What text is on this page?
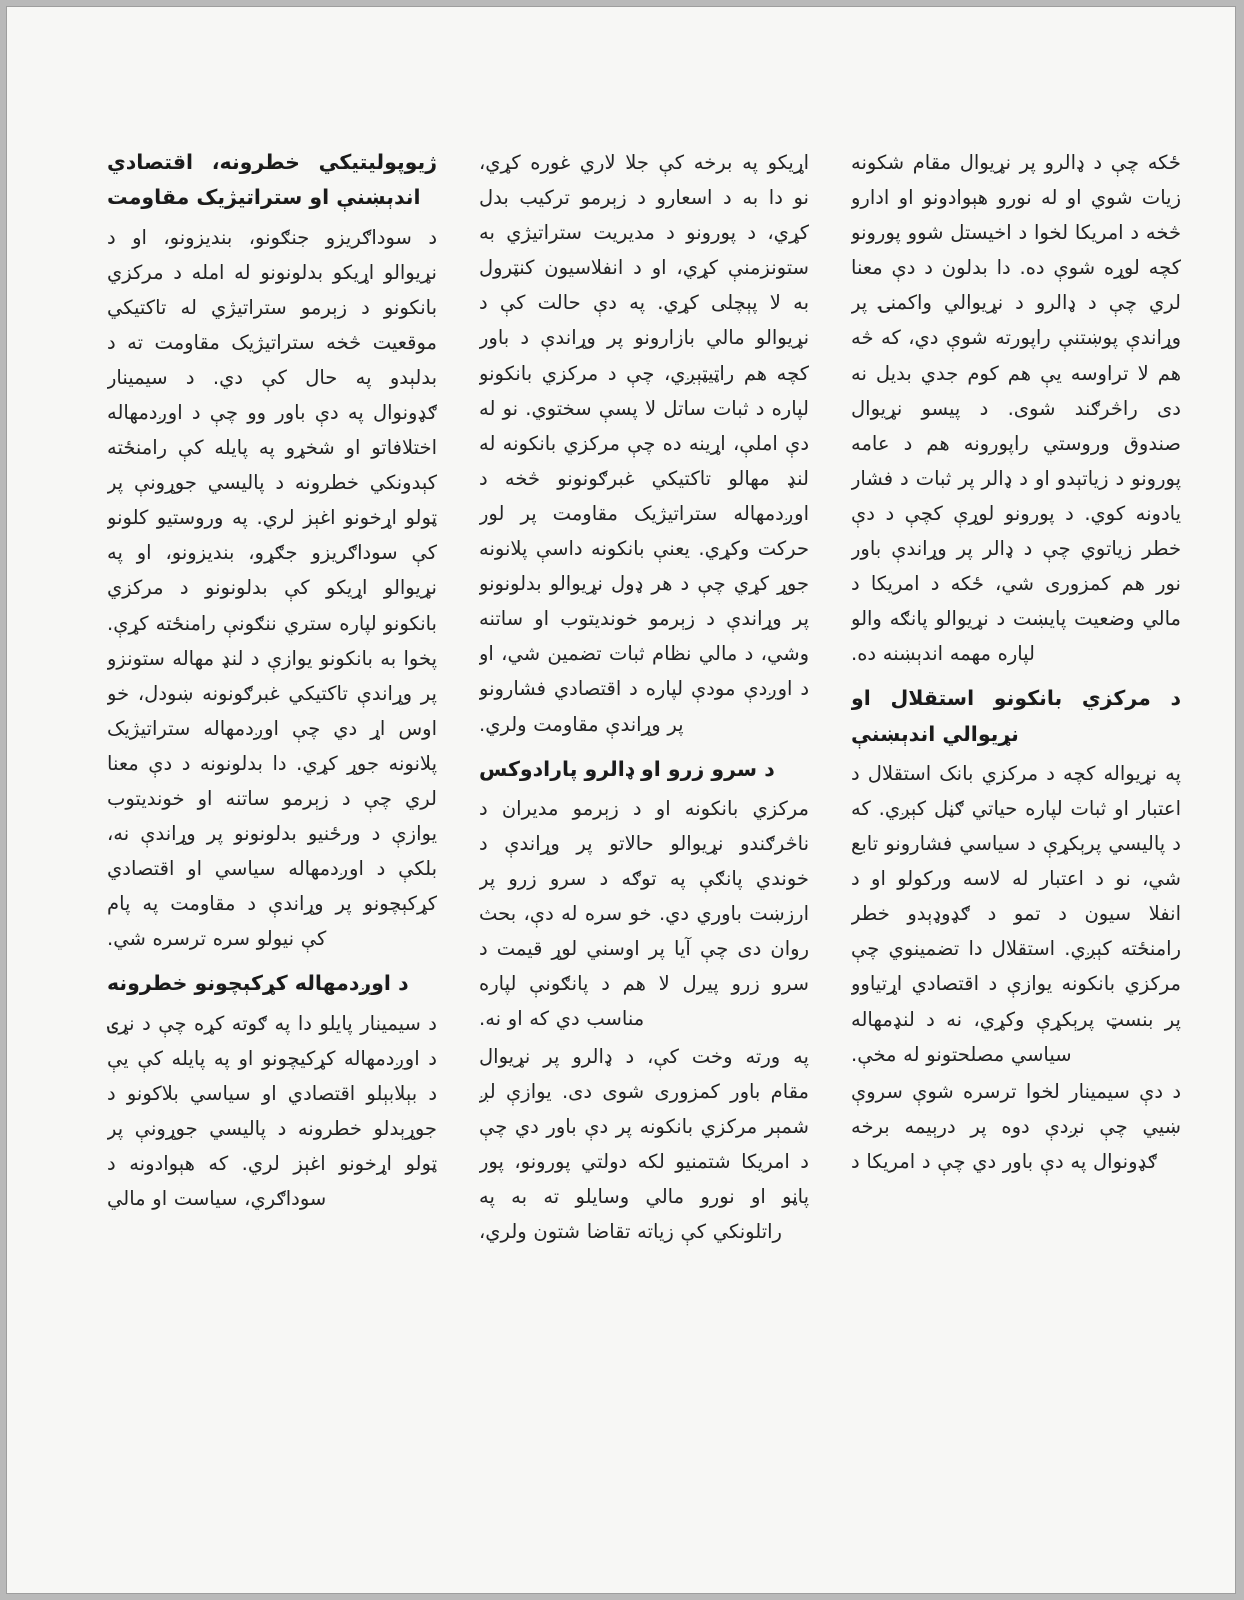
ژیوپولیتیکي خطرونه، اقتصادي اندېښنې او ستراتیژیک مقاومت

د سوداګریزو جنګونو، بندیزونو، او د نړیوالو اړیکو بدلونونو له امله د مرکزي بانکونو د زېرمو ستراتیژي له تاکتیکي موقعیت څخه ستراتیژیک مقاومت ته د بدلېدو په حال کې دي. د سیمینار ګډونوال په دې باور وو چې د اوږدمهاله اختلافاتو او شخړو په پایله کې رامنځته کېدونکي خطرونه د پالیسي جوړونې پر ټولو اړخونو اغېز لري. په وروستیو کلونو کې سوداګریزو جګړو، بندیزونو، او په نړیوالو اړیکو کې بدلونونو د مرکزي بانکونو لپاره ستري ننګونې رامنځته کړې. پخوا به بانکونو یوازې د لنډ مهاله ستونزو پر وړاندې تاکتیکي غبرګونونه ښودل، خو اوس اړ دي چې اوږدمهاله ستراتیژیک پلانونه جوړ کړي. دا بدلونونه د دې معنا لري چې د زېرمو ساتنه او خوندیتوب یوازې د ورځنیو بدلونونو پر وړاندې نه، بلکې د اوږدمهاله سیاسي او اقتصادي کړکېچونو پر وړاندې د مقاومت په پام کې نیولو سره ترسره شي.

د اوږدمهاله کړکېچونو خطرونه

د سیمینار پایلو دا په ګوته کړه چې د نړۍ د اوږدمهاله کړکیچونو او په پایله کې یې د بېلابېلو اقتصادي او سیاسي بلاکونو د جوړېدلو خطرونه د پالیسي جوړونې پر ټولو اړخونو اغېز لري. که هېوادونه د سوداګري، سیاست او مالي

اړیکو په برخه کې جلا لاري غوره کړي، نو دا به د اسعارو د زېرمو ترکیب بدل کړي، د پورونو د مدیریت ستراتیژي به ستونزمنې کړي، او د انفلاسیون کنټرول به لا پېچلی کړي. په دې حالت کې د نړیوالو مالي بازارونو پر وړاندې د باور کچه هم راټیټېږي، چې د مرکزي بانکونو لپاره د ثبات ساتل لا پسې سختوي. نو له دې املې، اړینه ده چې مرکزي بانکونه له لنډ مهالو تاکتیکي غبرګونونو څخه د اوږدمهاله ستراتیژیک مقاومت پر لور حرکت وکړي. یعنې بانکونه داسې پلانونه جوړ کړي چې د هر ډول نړیوالو بدلونونو پر وړاندې د زېرمو خوندیتوب او ساتنه وشي، د مالي نظام ثبات تضمین شي، او د اوږدې مودې لپاره د اقتصادي فشارونو پر وړاندې مقاومت ولري.

د سرو زرو او ډالرو پارادوکس

مرکزي بانکونه او د زېرمو مدیران د ناڅرګندو نړیوالو حالاتو پر وړاندې د خوندي پانګې په توګه د سرو زرو پر ارزښت باوري دي. خو سره له دې، بحث روان دی چې آیا پر اوسني لوړ قیمت د سرو زرو پیرل لا هم د پانګونې لپاره مناسب دي که او نه.

په ورته وخت کې، د ډالرو پر نړیوال مقام باور کمزوری شوی دی. یوازې لږ شمېر مرکزي بانکونه پر دې باور دي چې د امریکا شتمنیو لکه دولتي پورونو، پور پاڼو او نورو مالي وسایلو ته به په راتلونکي کې زیاته تقاضا شتون ولري،

ځکه چې د ډالرو پر نړیوال مقام شکونه زیات شوي او له نورو هېوادونو او ادارو څخه د امریکا لخوا د اخیستل شوو پورونو کچه لوړه شوې ده. دا بدلون د دې معنا لري چې د ډالرو د نړیوالي واکمنۍ پر وړاندې پوښتنې راپورته شوې دي، که څه هم لا تراوسه یې هم کوم جدي بدیل نه دی راڅرګند شوی. د پیسو نړیوال صندوق وروستي راپورونه هم د عامه پورونو د زیاتېدو او د ډالر پر ثبات د فشار یادونه کوي. د پورونو لوړې کچې د دې خطر زیاتوي چې د ډالر پر وړاندې باور نور هم کمزوری شي، ځکه د امریکا د مالي وضعیت پایښت د نړیوالو پانګه والو لپاره مهمه اندېښنه ده.

د مرکزي بانکونو استقلال او نړیوالي اندېښنې

په نړیواله کچه د مرکزي بانک استقلال د اعتبار او ثبات لپاره حیاتي ګڼل کېږي. که د پالیسي پرېکړې د سیاسي فشارونو تابع شي، نو د اعتبار له لاسه ورکولو او د انفلا سیون د تمو د ګډوډېدو خطر رامنځته کېږي. استقلال دا تضمینوي چې مرکزي بانکونه یوازې د اقتصادي اړتیاوو پر بنسټ پرېکړې وکړي، نه د لنډمهاله سیاسي مصلحتونو له مخې.

د دې سیمینار لخوا ترسره شوې سروې ښیي چې نږدې دوه پر درېیمه برخه ګډونوال په دې باور دي چې د امریکا د
